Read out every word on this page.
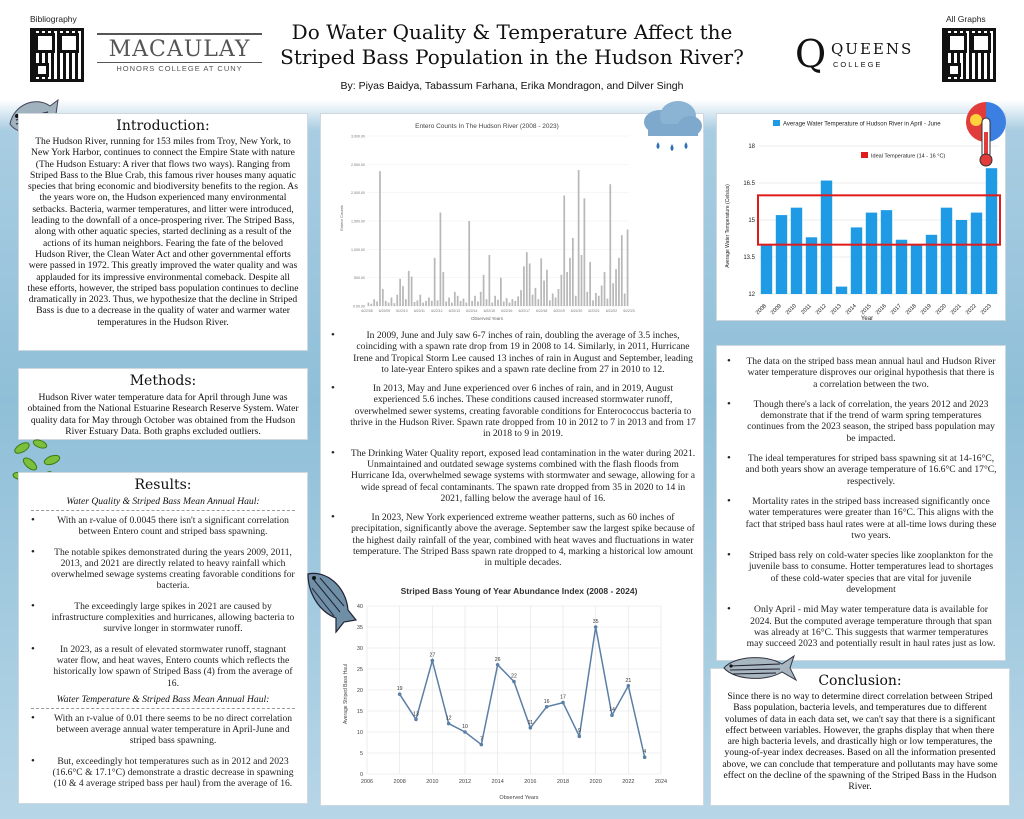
Bibliography
MACAULAY
HONORS COLLEGE AT CUNY
Do Water Quality & Temperature Affect the
Striped Bass Population in the Hudson River?
By: Piyas Baidya, Tabassum Farhana, Erika Mondragon, and Dilver Singh
Q QUEENS
COLLEGE
All Graphs
Introduction:
The Hudson River, running for 153 miles from Troy, New York, to New York Harbor, continues to connect the Empire State with nature (The Hudson Estuary: A river that flows two ways). Ranging from Striped Bass to the Blue Crab, this famous river houses many aquatic species that bring economic and biodiversity benefits to the region. As the years wore on, the Hudson experienced many environmental setbacks. Bacteria, warmer temperatures, and litter were introduced, leading to the downfall of a once-prospering river. The Striped Bass, along with other aquatic species, started declining as a result of the actions of its human neighbors. Fearing the fate of the beloved Hudson River, the Clean Water Act and other governmental efforts were passed in 1972. This greatly improved the water quality and was applauded for its impressive environmental comeback. Despite all these efforts, however, the striped bass population continues to decline dramatically in 2023. Thus, we hypothesize that the decline in Striped Bass is due to a decrease in the quality of water and warmer water temperatures in the Hudson River.
Methods:
Hudson River water temperature data for April through June was obtained from the National Estuarine Research Reserve System. Water quality data for May through October was obtained from the Hudson River Estuary Data. Both graphs excluded outliers.
Results:
Water Quality & Striped Bass Mean Annual Haul:
• With an r-value of 0.0045 there isn't a significant correlation between Entero count and striped bass spawning.
• The notable spikes demonstrated during the years 2009, 2011, 2013, and 2021 are directly related to heavy rainfall which overwhelmed sewage systems creating favorable conditions for bacteria.
• The exceedingly large spikes in 2021 are caused by infrastructure complexities and hurricanes, allowing bacteria to survive longer in stormwater runoff.
• In 2023, as a result of elevated stormwater runoff, stagnant water flow, and heat waves, Entero counts which reflects the historically low spawn of Striped Bass (4) from the average of 16.
Water Temperature & Striped Bass Mean Annual Haul:
• With an r-value of 0.01 there seems to be no direct correlation between average annual water temperature in April-June and striped bass spawning.
• But, exceedingly hot temperatures such as in 2012 and 2023 (16.6°C & 17.1°C) demonstrate a drastic decrease in spawning (10 & 4 average striped bass per haul) from the average of 16.
Entero Counts In The Hudson River (2008 - 2023)
0.00.00
500.00
1,000.00
1,500.00
2,000.00
2,500.00
3,000.00
6/22/08 6/22/09 6/22/10 6/22/11 6/22/12 6/22/13 6/22/14 6/22/15 6/22/16 6/22/17 6/22/18 6/22/19 6/22/20 6/22/21 6/22/22 6/22/23
Entero Counts
Observed Years
• In 2009, June and July saw 6-7 inches of rain, doubling the average of 3.5 inches, coinciding with a spawn rate drop from 19 in 2008 to 14. Similarly, in 2011, Hurricane Irene and Tropical Storm Lee caused 13 inches of rain in August and September, leading to late-year Entero spikes and a spawn rate decline from 27 in 2010 to 12.
• In 2013, May and June experienced over 6 inches of rain, and in 2019, August experienced 5.6 inches. These conditions caused increased stormwater runoff, overwhelmed sewer systems, creating favorable conditions for Enterococcus bacteria to thrive in the Hudson River. Spawn rate dropped from 10 in 2012 to 7 in 2013 and from 17 in 2018 to 9 in 2019.
• The Drinking Water Quality report, exposed lead contamination in the water during 2021. Unmaintained and outdated sewage systems combined with the flash floods from Hurricane Ida, overwhelmed sewage systems with stormwater and sewage, allowing for a wide spread of fecal contaminants. The spawn rate dropped from 35 in 2020 to 14 in 2021, falling below the average haul of 16.
• In 2023, New York experienced extreme weather patterns, such as 60 inches of precipitation, significantly above the average. September saw the largest spike because of the highest daily rainfall of the year, combined with heat waves and fluctuations in water temperature. The Striped Bass spawn rate dropped to 4, marking a historical low amount in multiple decades.
Striped Bass Young of Year Abundance Index (2008 - 2024)
0
5
10
15
20
25
30
35
40
2006	2008	2010	2012	2014	2016	2018	2020	2022	2024
19
13
27
12
10
7
26
22
11
16
17
9
35
14
21
4
Average Striped Bass Haul
Observed Years
Average Water Temperature of Hudson River in April - June
Ideal Temperature (14 - 16 °C)
12
13.5
15
16.5
18
2008 2009 2010 2011 2012 2013 2014 2015 2016 2017 2018 2019 2020 2021 2022 2023
Average Water Temperature (Celsius)
Year
• The data on the striped bass mean annual haul and Hudson River water temperature disproves our original hypothesis that there is a correlation between the two.
• Though there's a lack of correlation, the years 2012 and 2023 demonstrate that if the trend of warm spring temperatures continues from the 2023 season, the striped bass population may be impacted.
• The ideal temperatures for striped bass spawning sit at 14-16°C, and both years show an average temperature of 16.6°C and 17°C, respectively.
• Mortality rates in the striped bass increased significantly once water temperatures were greater than 16°C. This aligns with the fact that striped bass haul rates were at all-time lows during these two years.
• Striped bass rely on cold-water species like zooplankton for the juvenile bass to consume. Hotter temperatures lead to shortages of these cold-water species that are vital for juvenile development
• Only April - mid May water temperature data is available for 2024. But the computed average temperature through that span was already at 16°C. This suggests that warmer temperatures may succeed 2023 and potentially result in haul rates just as low.
Conclusion:
Since there is no way to determine direct correlation between Striped Bass population, bacteria levels, and temperatures due to different volumes of data in each data set, we can't say that there is a significant effect between variables. However, the graphs display that when there are high bacteria levels, and drastically high or low temperatures, the young-of-year index decreases. Based on all the information presented above, we can conclude that temperature and pollutants may have some effect on the decline of the spawning of the Striped Bass in the Hudson River.
